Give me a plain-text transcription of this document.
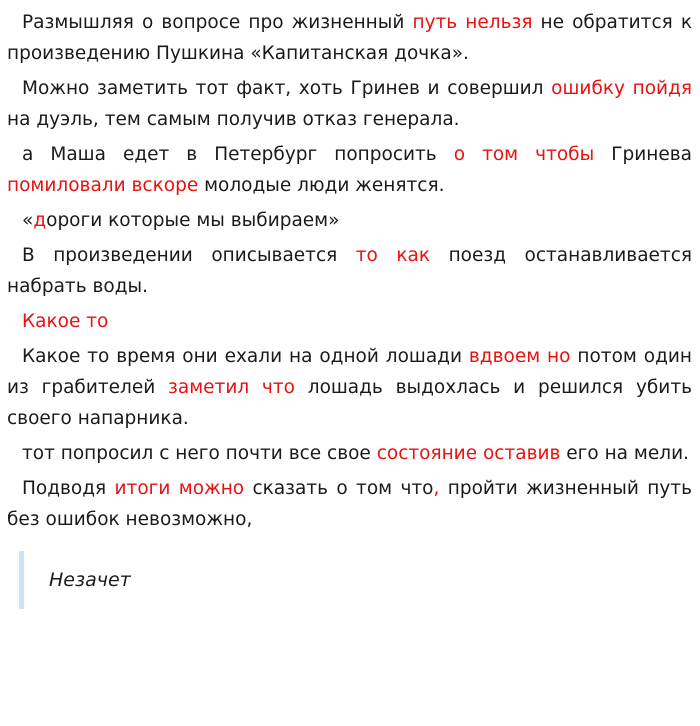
Размышляя о вопросе про жизненный путь нельзя не обратится к произведению Пушкина «Капитанская дочка».

Можно заметить тот факт, хоть Гринев и совершил ошибку пойдя на дуэль, тем самым получив отказ генерала.

а Маша едет в Петербург попросить о том чтобы Гринева помиловали вскоре молодые люди женятся.

«дороги которые мы выбираем»

В произведении описывается то как поезд останавливается набрать воды.

Какое то

Какое то время они ехали на одной лошади вдвоем но потом один из грабителей заметил что лошадь выдохлась и решился убить своего напарника.

тот попросил с него почти все свое состояние оставив его на мели.

Подводя итоги можно сказать о том что, пройти жизненный путь без ошибок невозможно,

Незачет
